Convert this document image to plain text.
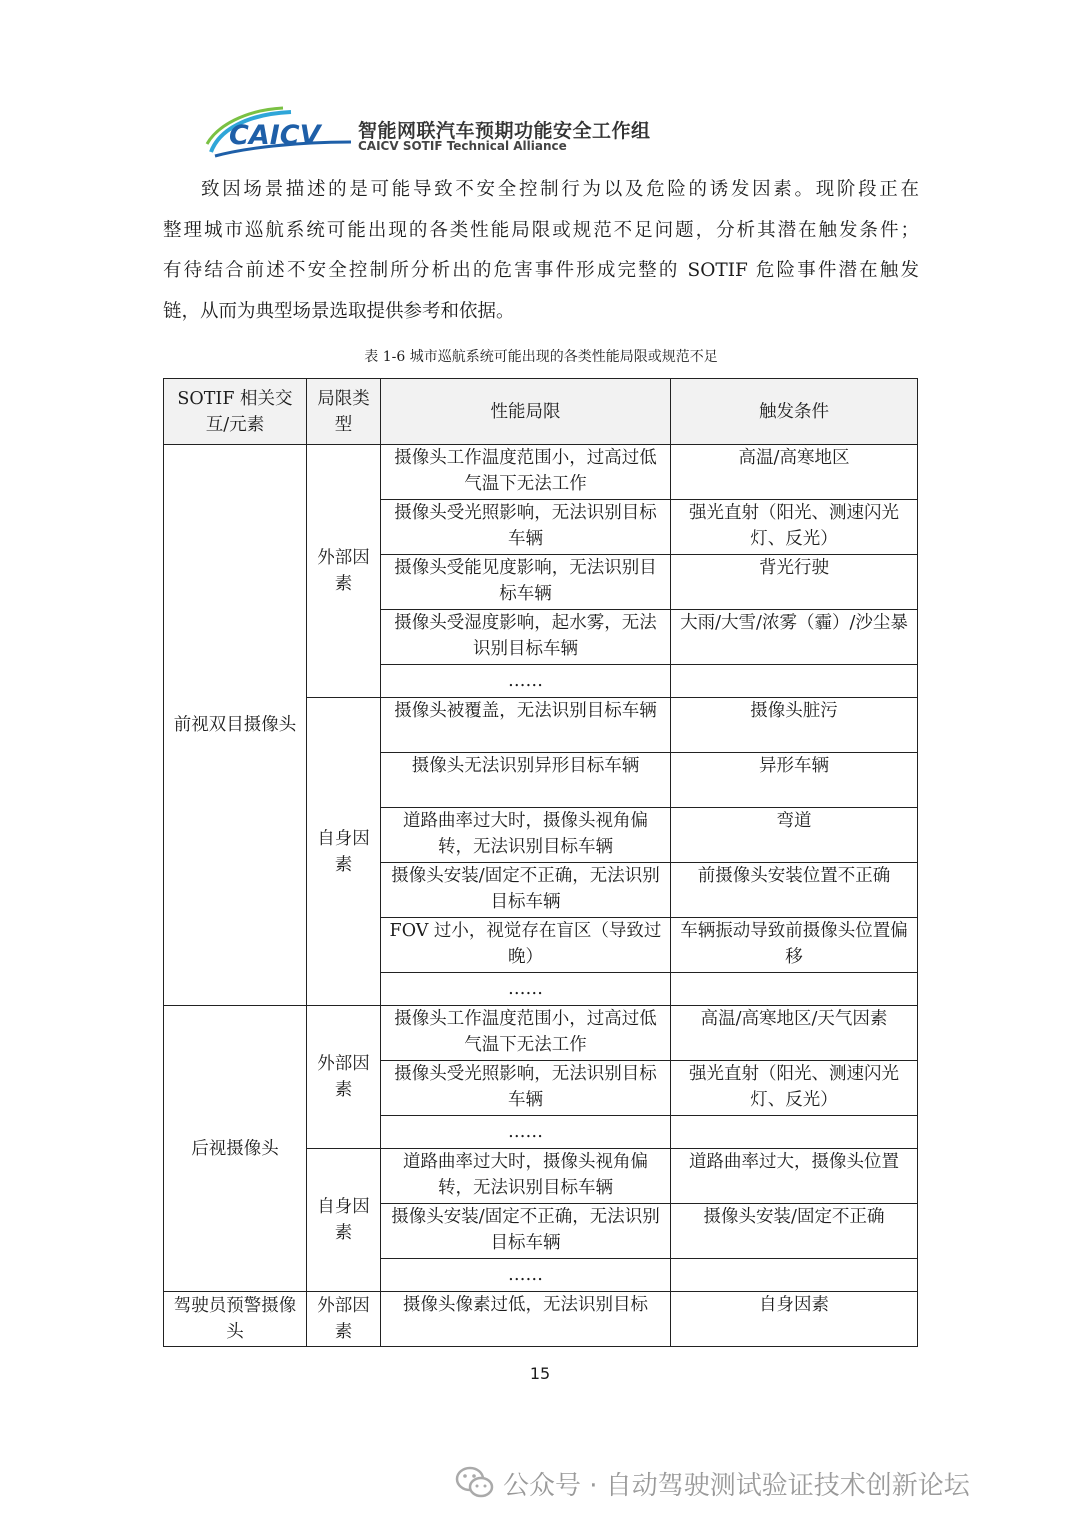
CAICV 智能网联汽车预期功能安全工作组
CAICV SOTIF Technical Alliance
致因场景描述的是可能导致不安全控制行为以及危险的诱发因素。现阶段正在
整理城市巡航系统可能出现的各类性能局限或规范不足问题，分析其潜在触发条件；
有待结合前述不安全控制所分析出的危害事件形成完整的 SOTIF 危险事件潜在触发
链，从而为典型场景选取提供参考和依据。
表 1-6 城市巡航系统可能出现的各类性能局限或规范不足
SOTIF 相关交互/元素	局限类型	性能局限	触发条件
前视双目摄像头	外部因素	摄像头工作温度范围小，过高过低气温下无法工作	高温/高寒地区
		摄像头受光照影响，无法识别目标车辆	强光直射（阳光、测速闪光灯、反光）
		摄像头受能见度影响，无法识别目标车辆	背光行驶
		摄像头受湿度影响，起水雾，无法识别目标车辆	大雨/大雪/浓雾（霾）/沙尘暴
		……	
	自身因素	摄像头被覆盖，无法识别目标车辆	摄像头脏污
		摄像头无法识别异形目标车辆	异形车辆
		道路曲率过大时，摄像头视角偏转，无法识别目标车辆	弯道
		摄像头安装/固定不正确，无法识别目标车辆	前摄像头安装位置不正确
		FOV 过小，视觉存在盲区（导致过晚）	车辆振动导致前摄像头位置偏移
		……	
后视摄像头	外部因素	摄像头工作温度范围小，过高过低气温下无法工作	高温/高寒地区/天气因素
		摄像头受光照影响，无法识别目标车辆	强光直射（阳光、测速闪光灯、反光）
		……	
	自身因素	道路曲率过大时，摄像头视角偏转，无法识别目标车辆	道路曲率过大，摄像头位置
		摄像头安装/固定不正确，无法识别目标车辆	摄像头安装/固定不正确
		……	
驾驶员预警摄像头	外部因素	摄像头像素过低，无法识别目标	自身因素
15
公众号 · 自动驾驶测试验证技术创新论坛
